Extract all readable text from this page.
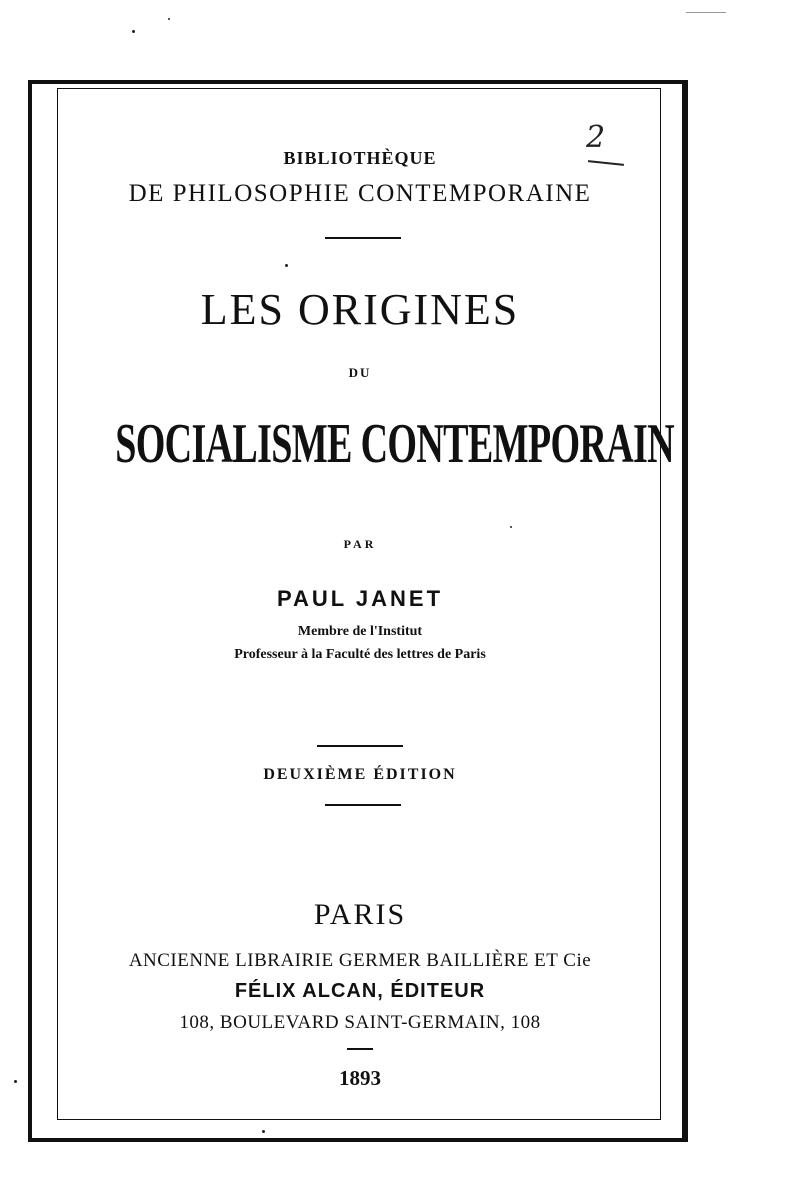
2
BIBLIOTHÈQUE
DE PHILOSOPHIE CONTEMPORAINE
LES ORIGINES
DU
SOCIALISME CONTEMPORAIN
PAR
PAUL JANET
Membre de l'Institut
Professeur à la Faculté des lettres de Paris
DEUXIÈME ÉDITION
PARIS
ANCIENNE LIBRAIRIE GERMER BAILLIÈRE ET Cie
FÉLIX ALCAN, ÉDITEUR
108, BOULEVARD SAINT-GERMAIN, 108
1893
